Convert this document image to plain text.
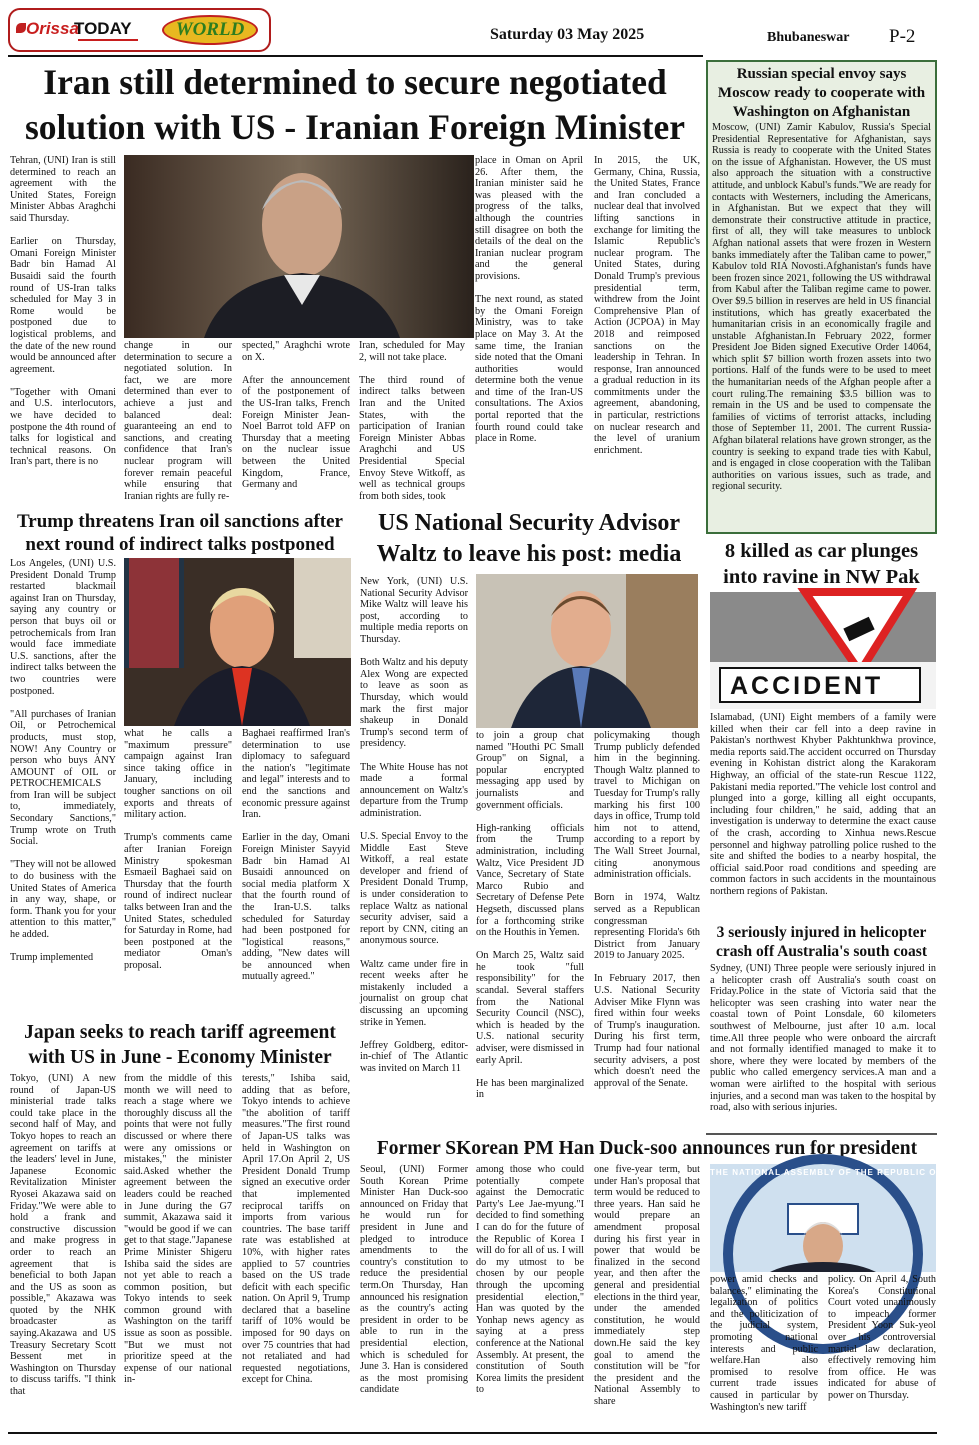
Orissa
TODAY	WORLD	Saturday 03 May 2025	Bhubaneswar P-2
Iran still determined to secure negotiated solution with US - Iranian Foreign Minister
Tehran, (UNI) Iran is still determined to reach an agreement with the United States, Foreign Minister Abbas Araghchi said Thursday.

Earlier on Thursday, Omani Foreign Minister Badr bin Hamad Al Busaidi said the fourth round of US-Iran talks scheduled for May 3 in Rome would be postponed due to logistical problems, and the date of the new round would be announced after agreement.

"Together with Omani and U.S. interlocutors, we have decided to postpone the 4th round of talks for logistical and technical reasons. On Iran's part, there is no
change in our determination to secure a negotiated solution. In fact, we are more determined than ever to achieve a just and balanced deal: guaranteeing an end to sanctions, and creating confidence that Iran's nuclear program will forever remain peaceful while ensuring that Iranian rights are fully re-
spected," Araghchi wrote on X.

After the announcement of the postponement of the US-Iran talks, French Foreign Minister Jean-Noel Barrot told AFP on Thursday that a meeting on the nuclear issue between the United Kingdom, France, Germany and
Iran, scheduled for May 2, will not take place.

The third round of indirect talks between Iran and the United States, with the participation of Iranian Foreign Minister Abbas Araghchi and US Presidential Special Envoy Steve Witkoff, as well as technical groups from both sides, took
place in Oman on April 26. After them, the Iranian minister said he was pleased with the progress of the talks, although the countries still disagree on both the details of the deal on the Iranian nuclear program and the general provisions.

The next round, as stated by the Omani Foreign Ministry, was to take place on May 3. At the same time, the Iranian side noted that the Omani authorities would determine both the venue and time of the Iran-US consultations. The Axios portal reported that the fourth round could take place in Rome.
In 2015, the UK, Germany, China, Russia, the United States, France and Iran concluded a nuclear deal that involved lifting sanctions in exchange for limiting the Islamic Republic's nuclear program. The United States, during Donald Trump's previous presidential term, withdrew from the Joint Comprehensive Plan of Action (JCPOA) in May 2018 and reimposed sanctions on the leadership in Tehran. In response, Iran announced a gradual reduction in its commitments under the agreement, abandoning, in particular, restrictions on nuclear research and the level of uranium enrichment.
Russian special envoy says Moscow ready to cooperate with Washington on Afghanistan
Moscow, (UNI) Zamir Kabulov, Russia's Special Presidential Representative for Afghanistan, says Russia is ready to cooperate with the United States on the issue of Afghanistan. However, the US must also approach the situation with a constructive attitude, and unblock Kabul's funds."We are ready for contacts with Westerners, including the Americans, in Afghanistan. But we expect that they will demonstrate their constructive attitude in practice, first of all, they will take measures to unblock Afghan national assets that were frozen in Western banks immediately after the Taliban came to power," Kabulov told RIA Novosti.Afghanistan's funds have been frozen since 2021, following the US withdrawal from Kabul after the Taliban regime came to power. Over $9.5 billion in reserves are held in US financial institutions, which has greatly exacerbated the humanitarian crisis in an economically fragile and unstable Afghanistan.In February 2022, former President Joe Biden signed Executive Order 14064, which split $7 billion worth frozen assets into two portions. Half of the funds were to be used to meet the humanitarian needs of the Afghan people after a court ruling.The remaining $3.5 billion was to remain in the US and be used to compensate the families of victims of terrorist attacks, including those of September 11, 2001. The current Russia-Afghan bilateral relations have grown stronger, as the country is seeking to expand trade ties with Kabul, and is engaged in close cooperation with the Taliban authorities on various issues, such as trade, and regional security.
8 killed as car plunges into ravine in NW Pak
ACCIDENT
Islamabad, (UNI) Eight members of a family were killed when their car fell into a deep ravine in Pakistan's northwest Khyber Pakhtunkhwa province, media reports said.The accident occurred on Thursday evening in Kohistan district along the Karakoram Highway, an official of the state-run Rescue 1122, Pakistani media reported."The vehicle lost control and plunged into a gorge, killing all eight occupants, including four children," he said, adding that an investigation is underway to determine the exact cause of the crash, according to Xinhua news.Rescue personnel and highway patrolling police rushed to the site and shifted the bodies to a nearby hospital, the official said.Poor road conditions and speeding are common factors in such accidents in the mountainous northern regions of Pakistan.
3 seriously injured in helicopter crash off Australia's south coast
Sydney, (UNI) Three people were seriously injured in a helicopter crash off Australia's south coast on Friday.Police in the state of Victoria said that the helicopter was seen crashing into water near the coastal town of Point Lonsdale, 60 kilometers southwest of Melbourne, just after 10 a.m. local time.All three people who were onboard the aircraft and not formally identified managed to make it to shore, where they were located by members of the public who called emergency services.A man and a woman were airlifted to the hospital with serious injuries, and a second man was taken to the hospital by road, also with serious injuries.
Trump threatens Iran oil sanctions after next round of indirect talks postponed
Los Angeles, (UNI) U.S. President Donald Trump restarted blackmail against Iran on Thursday, saying any country or person that buys oil or petrochemicals from Iran would face immediate U.S. sanctions, after the indirect talks between the two countries were postponed.

"All purchases of Iranian Oil, or Petrochemical products, must stop, NOW! Any Country or person who buys ANY AMOUNT of OIL or PETROCHEMICALS from Iran will be subject to, immediately, Secondary Sanctions," Trump wrote on Truth Social.

"They will not be allowed to do business with the United States of America in any way, shape, or form. Thank you for your attention to this matter," he added.

Trump implemented
what he calls a "maximum pressure" campaign against Iran since taking office in January, including tougher sanctions on oil exports and threats of military action.

Trump's comments came after Iranian Foreign Ministry spokesman Esmaeil Baghaei said on Thursday that the fourth round of indirect nuclear talks between Iran and the United States, scheduled for Saturday in Rome, had been postponed at the mediator Oman's proposal.
Baghaei reaffirmed Iran's determination to use diplomacy to safeguard the nation's "legitimate and legal" interests and to end the sanctions and economic pressure against Iran.

Earlier in the day, Omani Foreign Minister Sayyid Badr bin Hamad Al Busaidi announced on social media platform X that the fourth round of the Iran-U.S. talks scheduled for Saturday had been postponed for "logistical reasons," adding, "New dates will be announced when mutually agreed."
US National Security Advisor Waltz to leave his post: media
New York, (UNI) U.S. National Security Advisor Mike Waltz will leave his post, according to multiple media reports on Thursday.

Both Waltz and his deputy Alex Wong are expected to leave as soon as Thursday, which would mark the first major shakeup in Donald Trump's second term of presidency.

The White House has not made a formal announcement on Waltz's departure from the Trump administration.

U.S. Special Envoy to the Middle East Steve Witkoff, a real estate developer and friend of President Donald Trump, is under consideration to replace Waltz as national security adviser, said a report by CNN, citing an anonymous source.

Waltz came under fire in recent weeks after he mistakenly included a journalist on group chat discussing an upcoming strike in Yemen.

Jeffrey Goldberg, editor-in-chief of The Atlantic was invited on March 11
to join a group chat named "Houthi PC Small Group" on Signal, a popular encrypted messaging app used by journalists and government officials.

High-ranking officials from the Trump administration, including Waltz, Vice President JD Vance, Secretary of State Marco Rubio and Secretary of Defense Pete Hegseth, discussed plans for a forthcoming strike on the Houthis in Yemen.

On March 25, Waltz said he took "full responsibility" for the scandal. Several staffers from the National Security Council (NSC), which is headed by the U.S. national security adviser, were dismissed in early April.

He has been marginalized in
policymaking though Trump publicly defended him in the beginning. Though Waltz planned to travel to Michigan on Tuesday for Trump's rally marking his first 100 days in office, Trump told him not to attend, according to a report by The Wall Street Journal, citing anonymous administration officials.

Born in 1974, Waltz served as a Republican congressman representing Florida's 6th District from January 2019 to January 2025.

In February 2017, then U.S. National Security Adviser Mike Flynn was fired within four weeks of Trump's inauguration. During his first term, Trump had four national security advisers, a post which doesn't need the approval of the Senate.
Japan seeks to reach tariff agreement with US in June - Economy Minister
Tokyo, (UNI) A new round of Japan-US ministerial trade talks could take place in the second half of May, and Tokyo hopes to reach an agreement on tariffs at the leaders' level in June, Japanese Economic Revitalization Minister Ryosei Akazawa said on Friday."We were able to hold a frank and constructive discussion and make progress in order to reach an agreement that is beneficial to both Japan and the US as soon as possible," Akazawa was quoted by the NHK broadcaster as saying.Akazawa and US Treasury Secretary Scott Bessent met in Washington on Thursday to discuss tariffs. "I think that
from the middle of this month we will need to reach a stage where we thoroughly discuss all the points that were not fully discussed or where there were any omissions or mistakes," the minister said.Asked whether the agreement between the leaders could be reached in June during the G7 summit, Akazawa said it "would be good if we can get to that stage."Japanese Prime Minister Shigeru Ishiba said the sides are not yet able to reach a common position, but Tokyo intends to seek common ground with Washington on the tariff issue as soon as possible. "But we must not prioritize speed at the expense of our national in-
terests," Ishiba said, adding that as before, Tokyo intends to achieve "the abolition of tariff measures."The first round of Japan-US talks was held in Washington on April 17.On April 2, US President Donald Trump signed an executive order that implemented reciprocal tariffs on imports from various countries. The base tariff rate was established at 10%, with higher rates applied to 57 countries based on the US trade deficit with each specific nation. On April 9, Trump declared that a baseline tariff of 10% would be imposed for 90 days on over 75 countries that had not retaliated and had requested negotiations, except for China.
Former SKorean PM Han Duck-soo announces run for president
THE NATIONAL ASSEMBLY OF THE REPUBLIC OF KOREA
Seoul, (UNI) Former South Korean Prime Minister Han Duck-soo announced on Friday that he would run for president in June and pledged to introduce amendments to the country's constitution to reduce the presidential term.On Thursday, Han announced his resignation as the country's acting president in order to be able to run in the presidential election, which is scheduled for June 3. Han is considered as the most promising candidate
among those who could potentially compete against the Democratic Party's Lee Jae-myung."I decided to find something I can do for the future of the Republic of Korea I will do for all of us. I will do my utmost to be chosen by our people through the upcoming presidential election," Han was quoted by the Yonhap news agency as saying at a press conference at the National Assembly. At present, the constitution of South Korea limits the president to
one five-year term, but under Han's proposal that term would be reduced to three years. Han said he would prepare an amendment proposal during his first year in power that would be finalized in the second year, and then after the general and presidential elections in the third year, under the amended constitution, he would immediately step down.He said the key goal to amend the constitution will be "for the president and the National Assembly to share
power amid checks and balances," eliminating the legalization of politics and the politicization of the judicial system, promoting national interests and public welfare.Han also promised to resolve current trade issues caused in particular by Washington's new tariff
policy. On April 4, South Korea's Constitutional Court voted unanimously to impeach former President Yoon Suk-yeol over his controversial martial law declaration, effectively removing him from office. He was indicated for abuse of power on Thursday.
